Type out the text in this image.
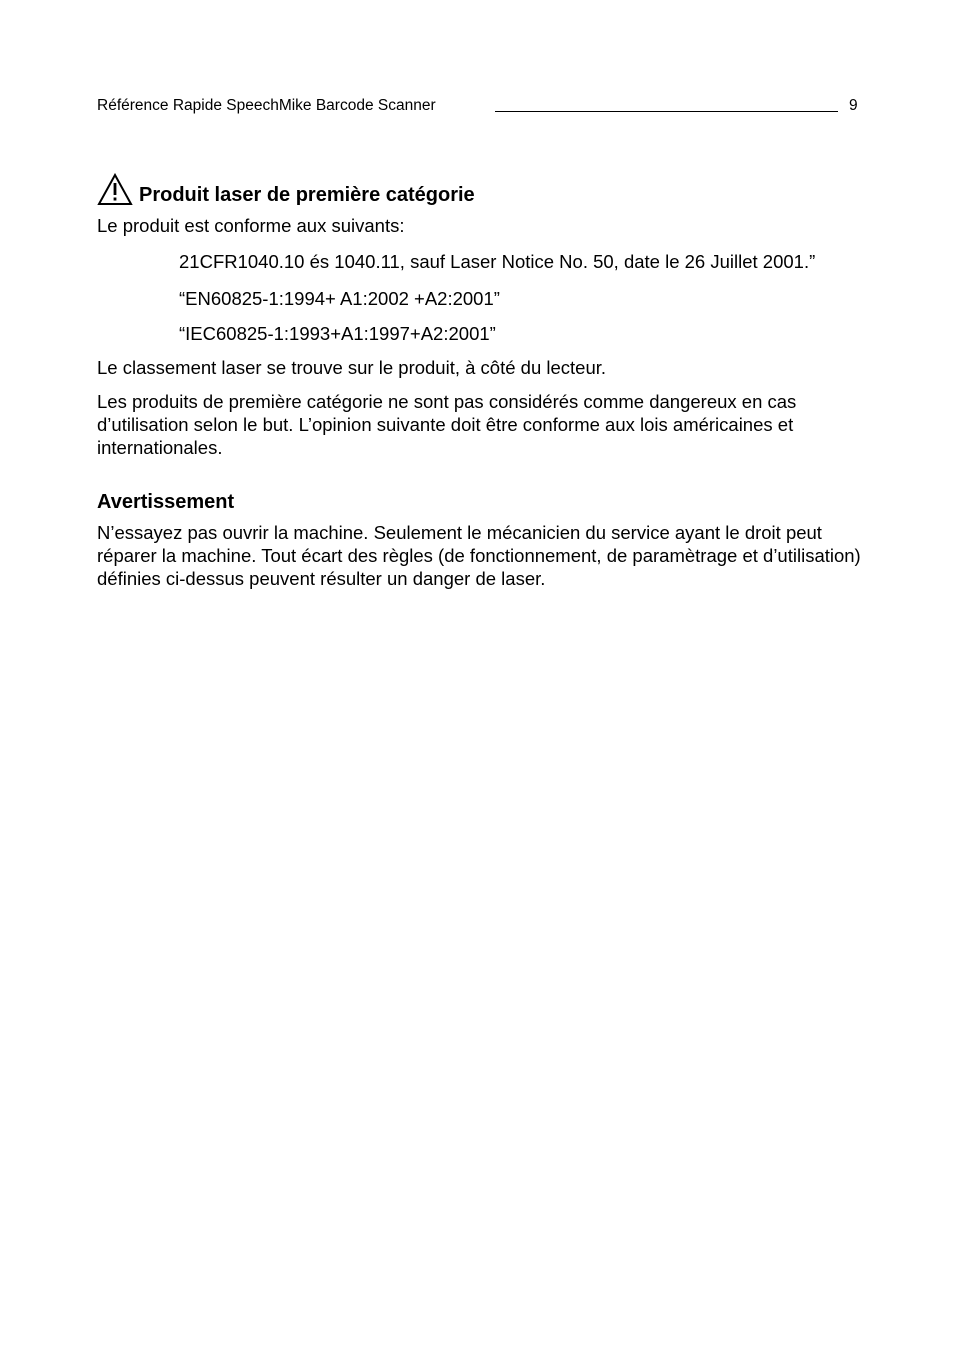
Référence Rapide SpeechMike Barcode Scanner	9
Produit laser de première catégorie

Le produit est conforme aux suivants:

21CFR1040.10 és 1040.11, sauf Laser Notice No. 50, date le 26 Juillet 2001.”

“EN60825-1:1994+ A1:2002 +A2:2001”

“IEC60825-1:1993+A1:1997+A2:2001”

Le classement laser se trouve sur le produit, à côté du lecteur.

Les produits de première catégorie ne sont pas considérés comme dangereux en cas d’utilisation selon le but. L’opinion suivante doit être conforme aux lois américaines et internationales.

Avertissement

N’essayez pas ouvrir la machine. Seulement le mécanicien du service ayant le droit peut réparer la machine. Tout écart des règles (de fonctionnement, de paramètrage et d’utilisation) définies ci-dessus peuvent résulter un danger de laser.
